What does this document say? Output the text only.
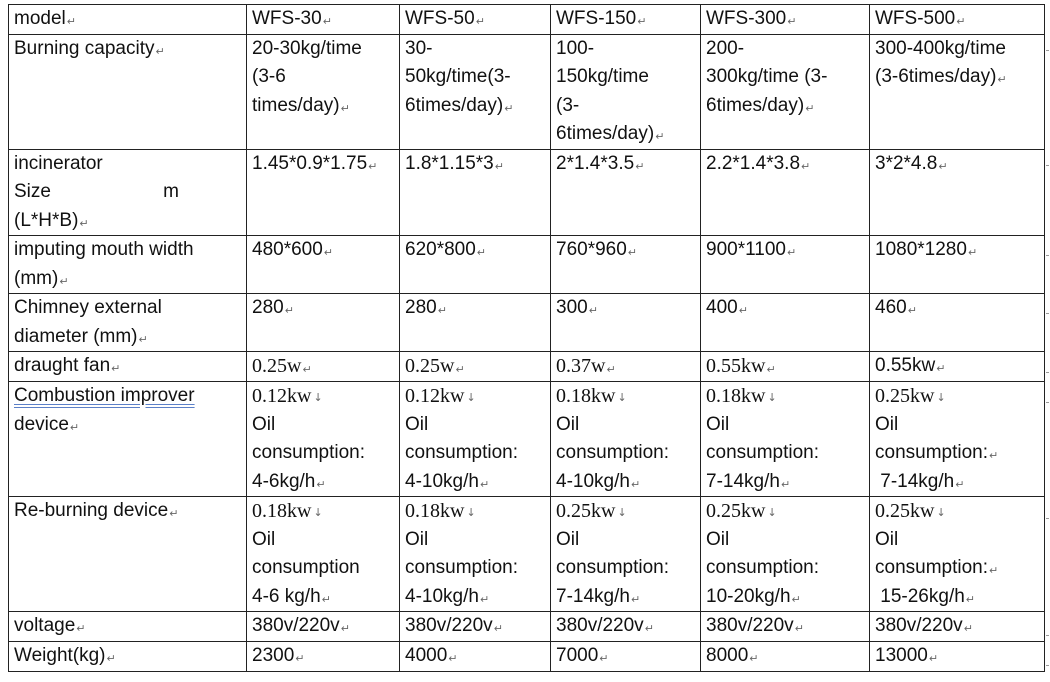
model↵	WFS-30↵	WFS-50↵	WFS-150↵	WFS-300↵	WFS-500↵
Burning capacity↵	20-30kg/time
(3-6
times/day)↵	30-
50kg/time(3-
6times/day)↵	100-
150kg/time
(3-
6times/day)↵	200-
300kg/time (3-
6times/day)↵	300-400kg/time
(3-6times/day)↵

incinerator
Size m
(L*H*B)↵	1.45*0.9*1.75↵	1.8*1.15*3↵	2*1.4*3.5↵	2.2*1.4*3.8↵	3*2*4.8↵

imputing mouth width
(mm)↵	480*600↵	620*800↵	760*960↵	900*1100↵	1080*1280↵

Chimney external
diameter (mm)↵	280↵	280↵	300↵	400↵	460↵
draught fan↵	0.25w↵	0.25w↵	0.37w↵	0.55kw↵	0.55kw↵

Combustion improver
device↵	0.12kw ↓
Oil
consumption:
4-6kg/h↵	0.12kw ↓
Oil
consumption:
4-10kg/h↵	0.18kw ↓
Oil
consumption:
4-10kg/h↵	0.18kw ↓
Oil
consumption:
7-14kg/h↵	0.25kw ↓
Oil
consumption:↵
7-14kg/h↵

Re-burning device↵	0.18kw ↓
Oil
consumption
4-6 kg/h↵	0.18kw ↓
Oil
consumption:
4-10kg/h↵	0.25kw ↓
Oil
consumption:
7-14kg/h↵	0.25kw ↓
Oil
consumption:
10-20kg/h↵	0.25kw ↓
Oil
consumption:↵
15-26kg/h↵

voltage↵	380v/220v↵	380v/220v↵	380v/220v↵	380v/220v↵	380v/220v↵
Weight(kg)↵	2300↵	4000↵	7000↵	8000↵	13000↵
